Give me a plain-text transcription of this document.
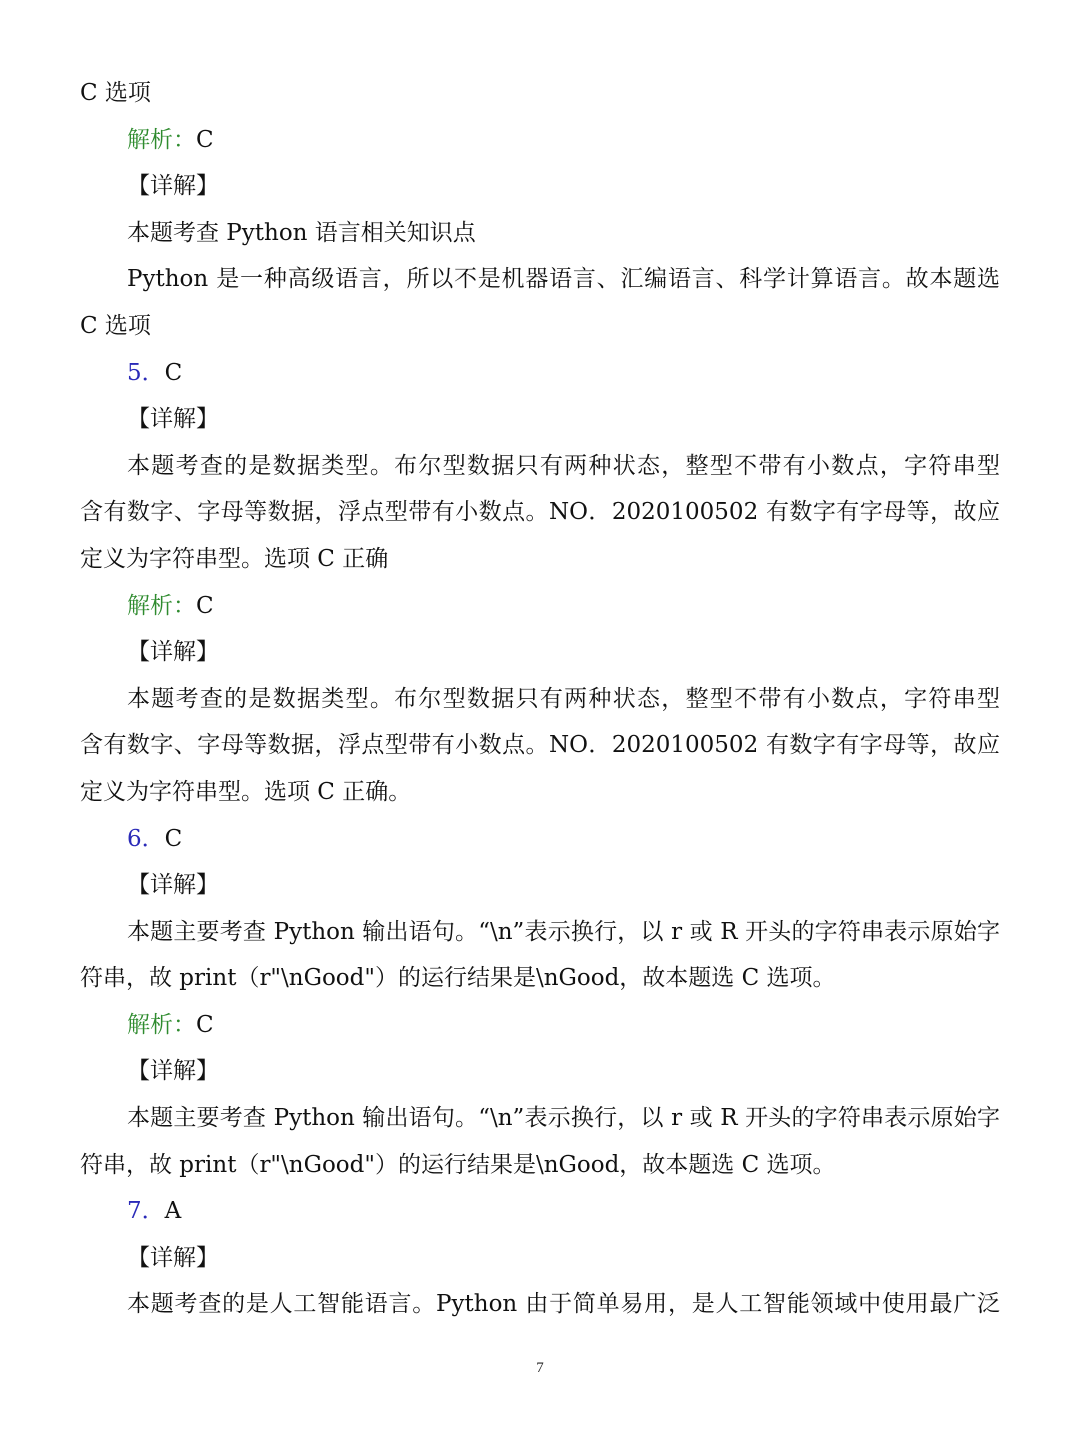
C 选项
解析：C
【详解】
本题考查 Python 语言相关知识点
Python 是一种高级语言，所以不是机器语言、汇编语言、科学计算语言。故本题选
C 选项
5．C
【详解】
本题考查的是数据类型。布尔型数据只有两种状态，整型不带有小数点，字符串型
含有数字、字母等数据，浮点型带有小数点。NO．2020100502 有数字有字母等，故应
定义为字符串型。选项 C 正确
解析：C
【详解】
本题考查的是数据类型。布尔型数据只有两种状态，整型不带有小数点，字符串型
含有数字、字母等数据，浮点型带有小数点。NO．2020100502 有数字有字母等，故应
定义为字符串型。选项 C 正确。
6．C
【详解】
本题主要考查 Python 输出语句。“\n”表示换行，以 r 或 R 开头的字符串表示原始字
符串，故 print（r"\nGood"）的运行结果是\nGood，故本题选 C 选项。
解析：C
【详解】
本题主要考查 Python 输出语句。“\n”表示换行，以 r 或 R 开头的字符串表示原始字
符串，故 print（r"\nGood"）的运行结果是\nGood，故本题选 C 选项。
7．A
【详解】
本题考查的是人工智能语言。Python 由于简单易用，是人工智能领域中使用最广泛
7
